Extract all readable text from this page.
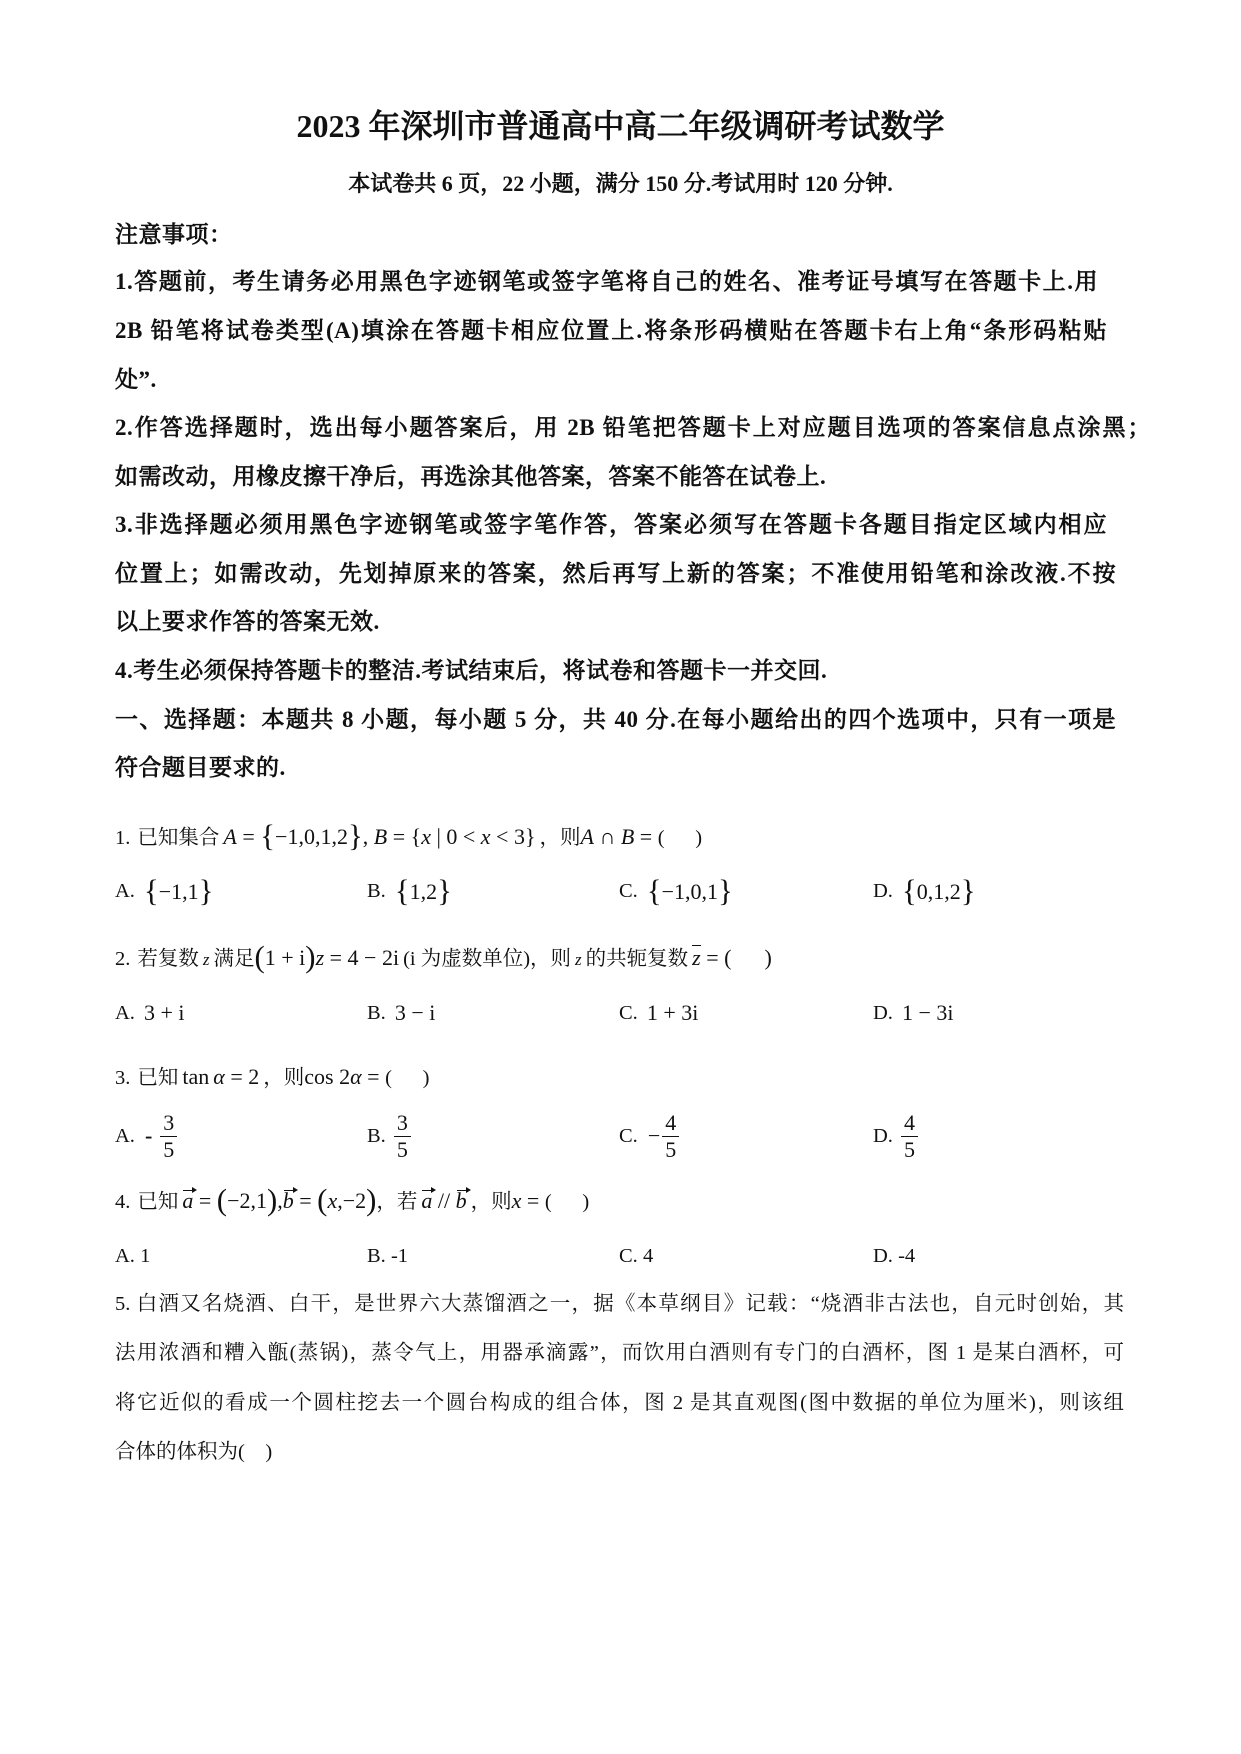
2023 年深圳市普通高中高二年级调研考试数学
本试卷共 6 页，22 小题，满分 150 分.考试用时 120 分钟.
注意事项：
1.答题前，考生请务必用黑色字迹钢笔或签字笔将自己的姓名、准考证号填写在答题卡上.用
2B 铅笔将试卷类型(A)填涂在答题卡相应位置上.将条形码横贴在答题卡右上角“条形码粘贴
处”.
2.作答选择题时，选出每小题答案后，用 2B 铅笔把答题卡上对应题目选项的答案信息点涂黑；
如需改动，用橡皮擦干净后，再选涂其他答案，答案不能答在试卷上.
3.非选择题必须用黑色字迹钢笔或签字笔作答，答案必须写在答题卡各题目指定区域内相应
位置上；如需改动，先划掉原来的答案，然后再写上新的答案；不准使用铅笔和涂改液.不按
以上要求作答的答案无效.
4.考生必须保持答题卡的整洁.考试结束后，将试卷和答题卡一并交回.
一、选择题：本题共 8 小题，每小题 5 分，共 40 分.在每小题给出的四个选项中，只有一项是
符合题目要求的.
1. 已知集合 A = {−1,0,1,2}, B = {x | 0 < x < 3} ，则A ∩ B = (      )
A. {−1,1}	B. {1,2}	C. {−1,0,1}	D. {0,1,2}
2. 若复数 z 满足(1 + i)z = 4 − 2i (i 为虚数单位)，则 z 的共轭复数 z = (      )
A. 3 + i	B. 3 − i	C. 1 + 3i	D. 1 − 3i
3. 已知 tan α = 2 ，则cos 2α = (      )
A. - $\frac{3}{5}$	B. $\frac{3}{5}$	C. − $\frac{4}{5}$	D. $\frac{4}{5}$
4. 已知 a = (−2,1),b = (x,−2)，若 a // b ，则x = (      )
A. 1	B. -1	C. 4	D. -4
5. 白酒又名烧酒、白干，是世界六大蒸馏酒之一，据《本草纲目》记载：“烧酒非古法也，自元时创始，其
法用浓酒和糟入甑(蒸锅)，蒸令气上，用器承滴露”，而饮用白酒则有专门的白酒杯，图 1 是某白酒杯，可
将它近似的看成一个圆柱挖去一个圆台构成的组合体，图 2 是其直观图(图中数据的单位为厘米)，则该组
合体的体积为(    )
